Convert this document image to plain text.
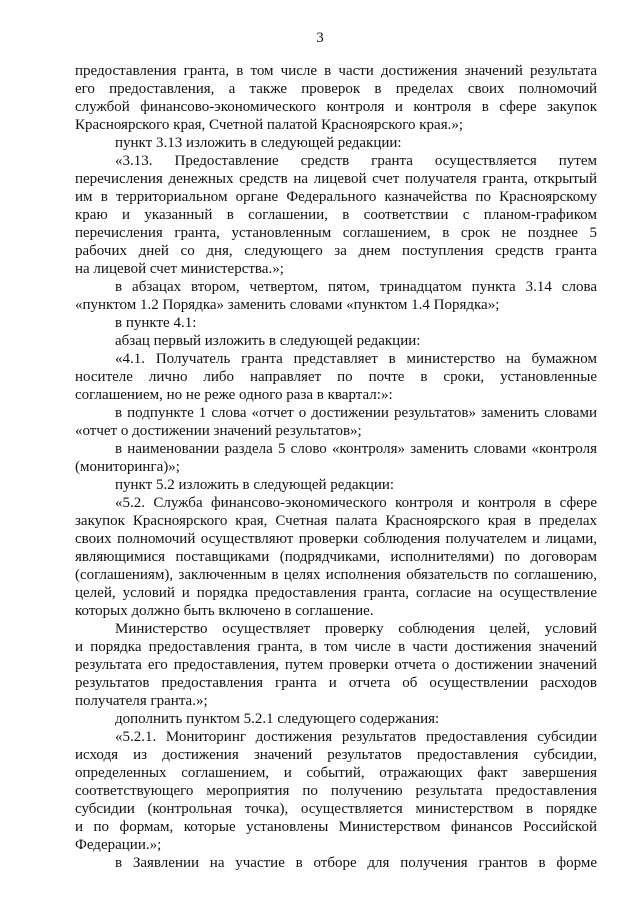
3
предоставления гранта, в том числе в части достижения значений результата
его предоставления, а также проверок в пределах своих полномочий
службой финансово-экономического контроля и контроля в сфере закупок
Красноярского края, Счетной палатой Красноярского края.»;
пункт 3.13 изложить в следующей редакции:
«3.13. Предоставление средств гранта осуществляется путем
перечисления денежных средств на лицевой счет получателя гранта, открытый
им в территориальном органе Федерального казначейства по Красноярскому
краю и указанный в соглашении, в соответствии с планом-графиком
перечисления гранта, установленным соглашением, в срок не позднее 5
рабочих дней со дня, следующего за днем поступления средств гранта
на лицевой счет министерства.»;
в абзацах втором, четвертом, пятом, тринадцатом пункта 3.14 слова
«пунктом 1.2 Порядка» заменить словами «пунктом 1.4 Порядка»;
в пункте 4.1:
абзац первый изложить в следующей редакции:
«4.1. Получатель гранта представляет в министерство на бумажном
носителе лично либо направляет по почте в сроки, установленные
соглашением, но не реже одного раза в квартал:»:
в подпункте 1 слова «отчет о достижении результатов» заменить словами
«отчет о достижении значений результатов»;
в наименовании раздела 5 слово «контроля» заменить словами «контроля
(мониторинга)»;
пункт 5.2 изложить в следующей редакции:
«5.2. Служба финансово-экономического контроля и контроля в сфере
закупок Красноярского края, Счетная палата Красноярского края в пределах
своих полномочий осуществляют проверки соблюдения получателем и лицами,
являющимися поставщиками (подрядчиками, исполнителями) по договорам
(соглашениям), заключенным в целях исполнения обязательств по соглашению,
целей, условий и порядка предоставления гранта, согласие на осуществление
которых должно быть включено в соглашение.
Министерство осуществляет проверку соблюдения целей, условий
и порядка предоставления гранта, в том числе в части достижения значений
результата его предоставления, путем проверки отчета о достижении значений
результатов предоставления гранта и отчета об осуществлении расходов
получателя гранта.»;
дополнить пунктом 5.2.1 следующего содержания:
«5.2.1. Мониторинг достижения результатов предоставления субсидии
исходя из достижения значений результатов предоставления субсидии,
определенных соглашением, и событий, отражающих факт завершения
соответствующего мероприятия по получению результата предоставления
субсидии (контрольная точка), осуществляется министерством в порядке
и по формам, которые установлены Министерством финансов Российской
Федерации.»;
в Заявлении на участие в отборе для получения грантов в форме
